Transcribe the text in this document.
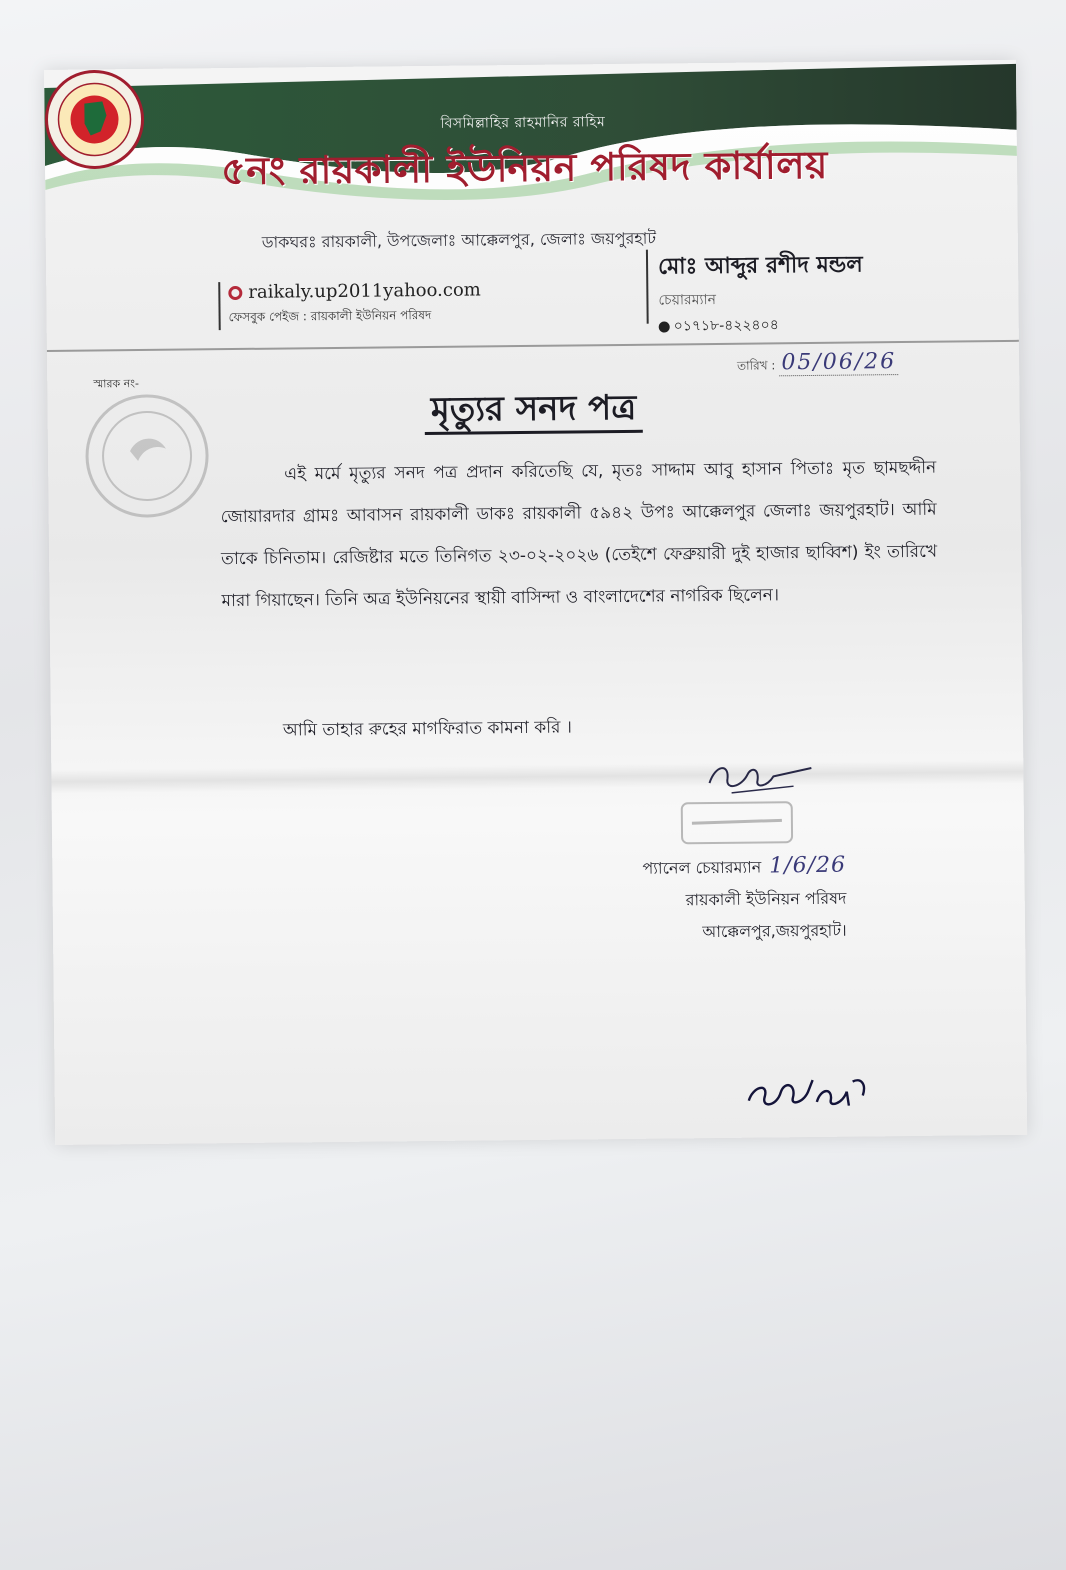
বিসমিল্লাহির রাহমানির রাহিম
৫নং রায়কালী ইউনিয়ন পরিষদ কার্যালয়
ডাকঘরঃ রায়কালী, উপজেলাঃ আক্কেলপুর, জেলাঃ জয়পুরহাট
raikaly.up2011yahoo.com
ফেসবুক পেইজ : রায়কালী ইউনিয়ন পরিষদ
মোঃ আব্দুর রশীদ মন্ডল
চেয়ারম্যান
০১৭১৮-৪২২৪০৪
স্মারক নং-
তারিখ : 05/06/26
মৃত্যুর সনদ পত্র
এই মর্মে মৃত্যুর সনদ পত্র প্রদান করিতেছি যে, মৃতঃ সাদ্দাম আবু হাসান পিতাঃ মৃত ছামছদ্দীন জোয়ারদার গ্রামঃ আবাসন রায়কালী ডাকঃ রায়কালী ৫৯৪২ উপঃ আক্কেলপুর জেলাঃ জয়পুরহাট। আমি তাকে চিনিতাম। রেজিষ্টার মতে তিনিগত ২৩-০২-২০২৬ (তেইশে ফেব্রুয়ারী দুই হাজার ছাব্বিশ) ইং তারিখে মারা গিয়াছেন। তিনি অত্র ইউনিয়নের স্থায়ী বাসিন্দা ও বাংলাদেশের নাগরিক ছিলেন।
আমি তাহার রুহের মাগফিরাত কামনা করি ।
প্যানেল চেয়ারম্যান 1/6/26
রায়কালী ইউনিয়ন পরিষদ
আক্কেলপুর,জয়পুরহাট।
